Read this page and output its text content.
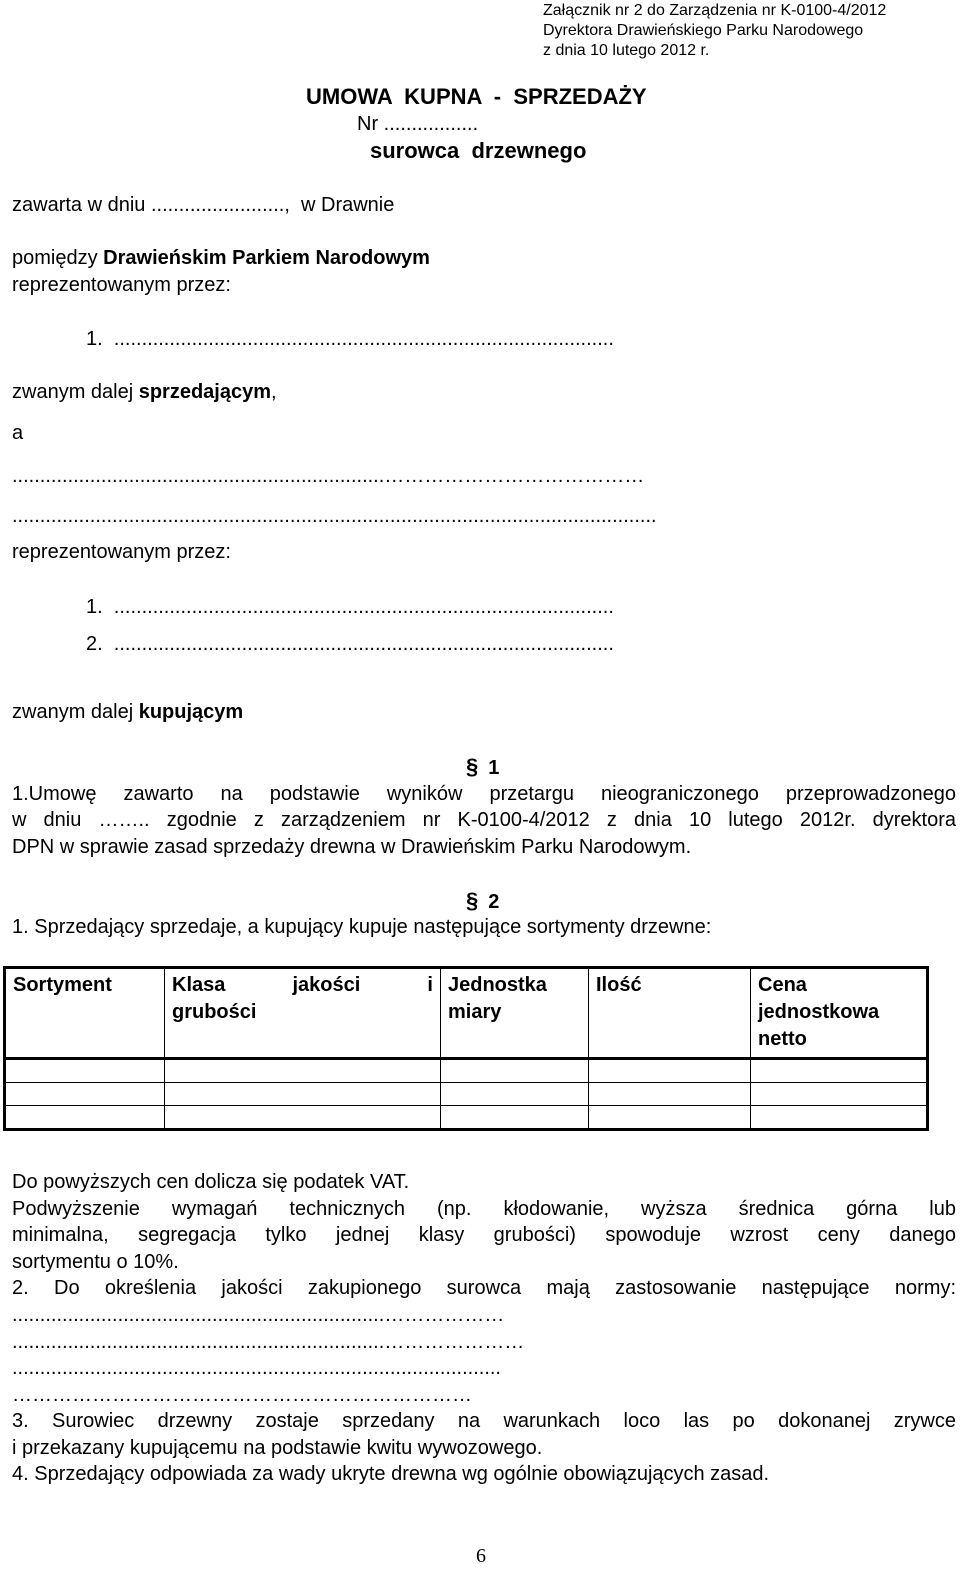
Załącznik nr 2 do Zarządzenia nr K-0100-4/2012
Dyrektora Drawieńskiego Parku Narodowego
z dnia 10 lutego 2012 r.
UMOWA  KUPNA  -  SPRZEDAŻY
Nr .................
surowca  drzewnego
zawarta w dniu ........................,  w Drawnie
pomiędzy Drawieńskim Parkiem Narodowym
reprezentowanym przez:
1.  ..........................................................................................
zwanym dalej sprzedającym,
a
...................................................................…………………………………
....................................................................................................................
reprezentowanym przez:
1.  ..........................................................................................
2.  ..........................................................................................
zwanym dalej kupującym
§ 1
1.Umowę zawarto na podstawie wyników przetargu nieograniczonego przeprowadzonego
w dniu …….. zgodnie z zarządzeniem nr K-0100-4/2012 z dnia 10 lutego 2012r. dyrektora
DPN w sprawie zasad sprzedaży drewna w Drawieńskim Parku Narodowym.
§ 2
1. Sprzedający sprzedaje, a kupujący kupuje następujące sortymenty drzewne:
Sortyment	Klasa jakości i
grubości	Jednostka miary	Ilość	Cena jednostkowa netto

Do powyższych cen dolicza się podatek VAT.
Podwyższenie wymagań technicznych (np. kłodowanie, wyższa średnica górna lub
minimalna, segregacja tylko jednej klasy grubości) spowoduje wzrost ceny danego
sortymentu o 10%.
2. Do określenia jakości zakupionego surowca mają zastosowanie następujące normy:
...................................................................………………
...................................................................…………………
........................................................................................
……………………………………………………………
3. Surowiec drzewny zostaje sprzedany na warunkach loco las po dokonanej zrywce
i przekazany kupującemu na podstawie kwitu wywozowego.
4. Sprzedający odpowiada za wady ukryte drewna wg ogólnie obowiązujących zasad.
6
